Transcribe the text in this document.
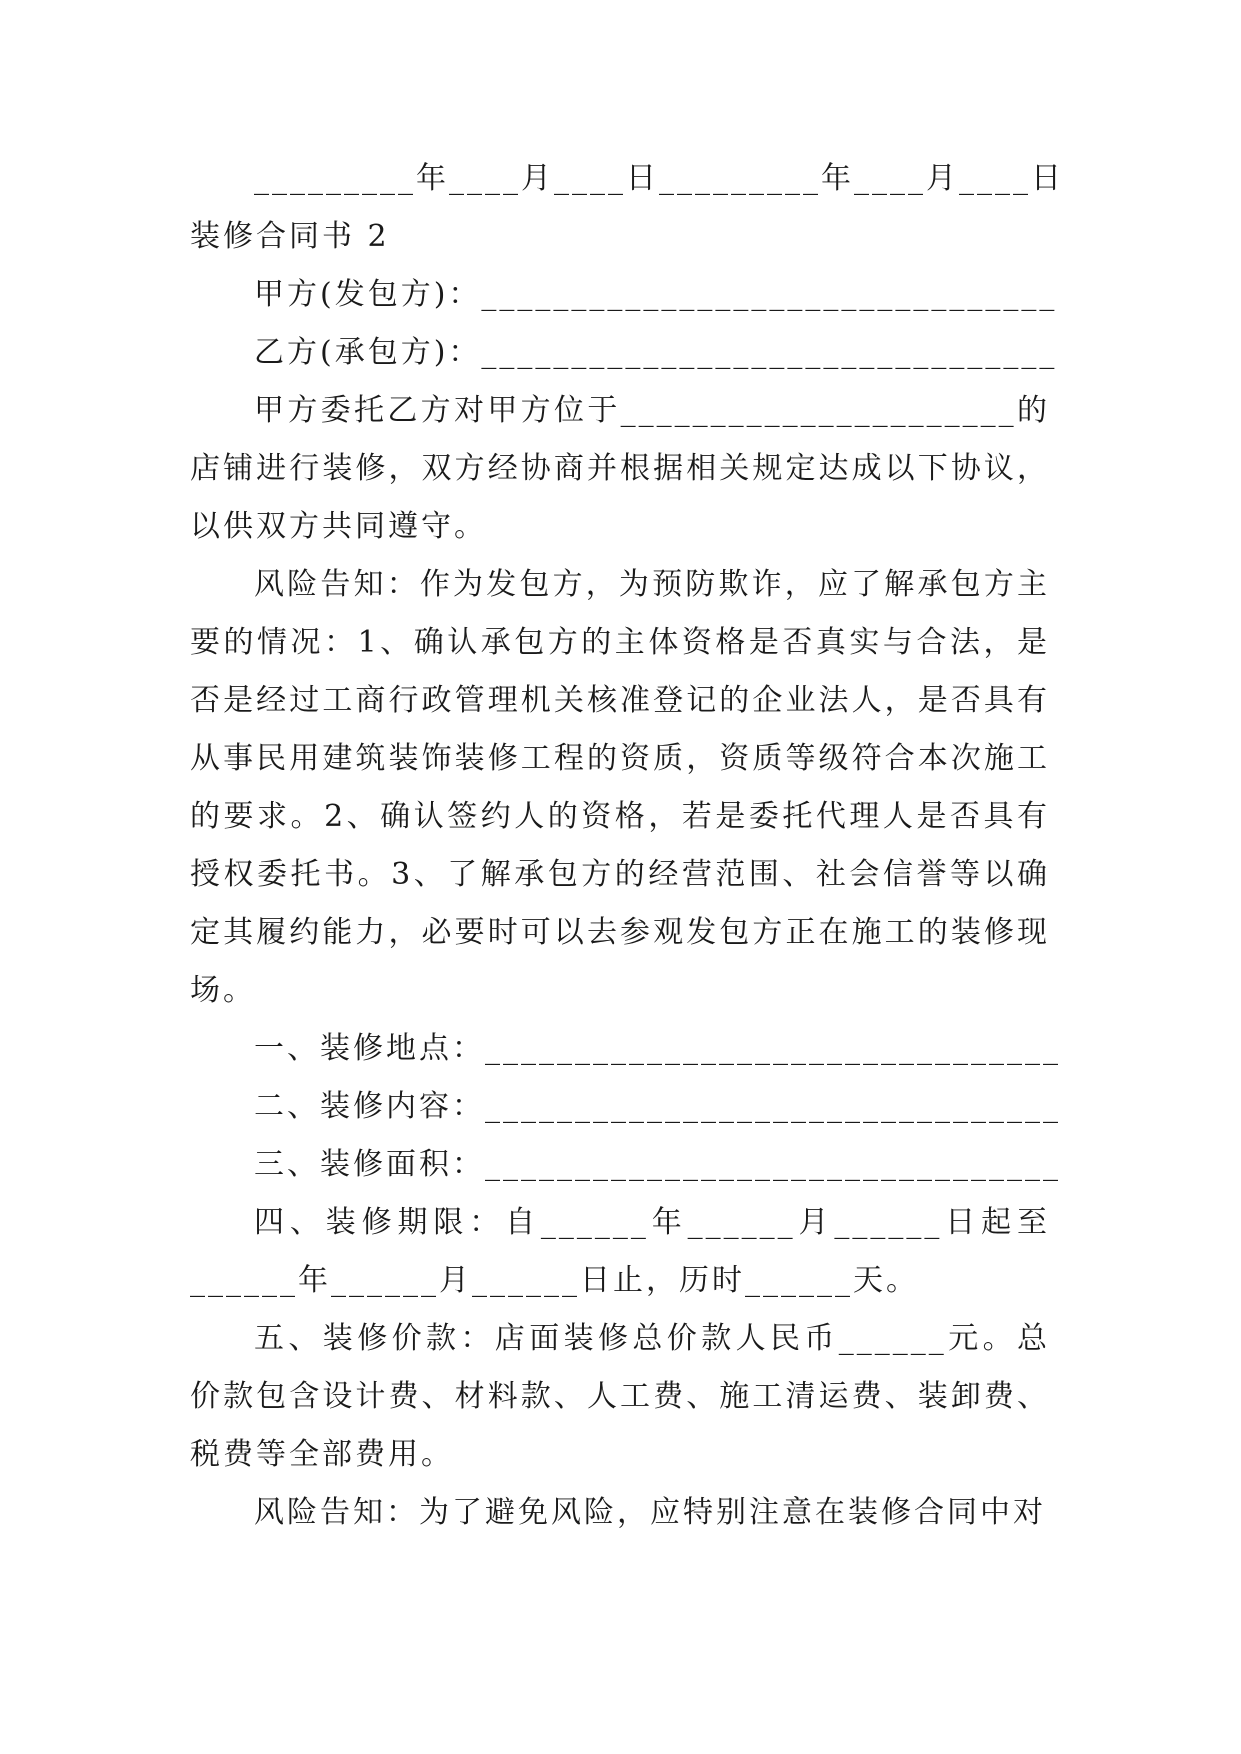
_________年____月____日_________年____月____日
装修合同书 2
甲方(发包方)：________________________________
乙方(承包方)：________________________________

甲方委托乙方对甲方位于______________________的店铺进行装修，双方经协商并根据相关规定达成以下协议，以供双方共同遵守。

风险告知：作为发包方，为预防欺诈，应了解承包方主要的情况：1、确认承包方的主体资格是否真实与合法，是否是经过工商行政管理机关核准登记的企业法人，是否具有从事民用建筑装饰装修工程的资质，资质等级符合本次施工的要求。2、确认签约人的资格，若是委托代理人是否具有授权委托书。3、了解承包方的经营范围、社会信誉等以确定其履约能力，必要时可以去参观发包方正在施工的装修现场。

一、装修地点：________________________________
二、装修内容：________________________________
三、装修面积：________________________________

四、装修期限：自______年______月______日起至______年______月______日止，历时______天。

五、装修价款：店面装修总价款人民币______元。总价款包含设计费、材料款、人工费、施工清运费、装卸费、税费等全部费用。

风险告知：为了避免风险，应特别注意在装修合同中对
